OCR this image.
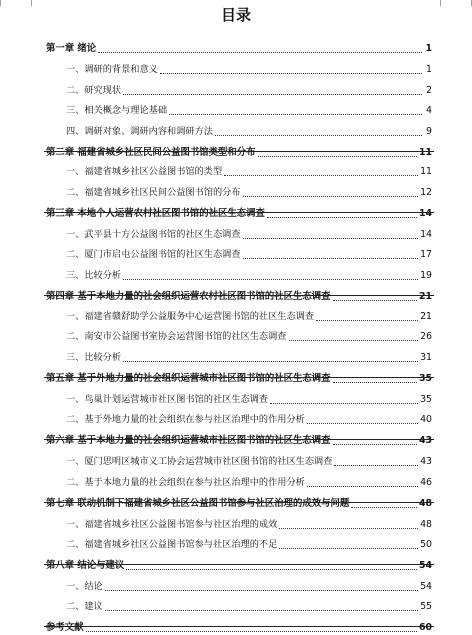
目录
第一章 绪论	1
一、调研的背景和意义	1
二、研究现状	2
三、相关概念与理论基础	4
四、调研对象、调研内容和调研方法	9
第二章 福建省城乡社区民间公益图书馆类型和分布	11
一、福建省城乡社区公益图书馆的类型	11
二、福建省城乡社区民间公益图书馆的分布	12
第三章 本地个人运营农村社区图书馆的社区生态调查	14
一、武平县十方公益图书馆的社区生态调查	14
二、厦门市启屯公益图书馆的社区生态调查	17
三、比较分析	19
第四章 基于本地力量的社会组织运营农村社区图书馆的社区生态调查	21
一、福建省赣舒助学公益服务中心运营图书馆的社区生态调查	21
二、南安市公益图书室协会运营图书馆的社区生态调查	26
三、比较分析	31
第五章 基于外地力量的社会组织运营城市社区图书馆的社区生态调查	35
一、鸟巢计划运营城市社区图书馆的社区生态调查	35
二、基于外地力量的社会组织在参与社区治理中的作用分析	40
第六章 基于本地力量的社会组织运营城市社区图书馆的社区生态调查	43
一、厦门思明区城市义工协会运营城市社区图书馆的社区生态调查	43
二、基于本地力量的社会组织在参与社区治理中的作用分析	46
第七章 联动机制下福建省城乡社区公益图书馆参与社区治理的成效与问题	48
一、福建省城乡社区公益图书馆参与社区治理的成效	48
二、福建省城乡社区公益图书馆参与社区治理的不足	50
第八章 结论与建议	54
一、结论	54
二、建议	55
参考文献	60
